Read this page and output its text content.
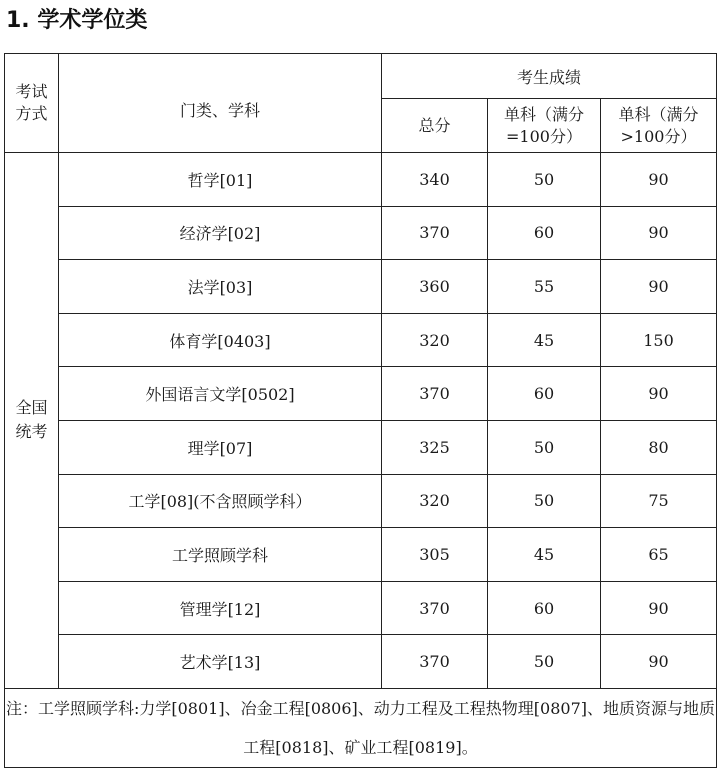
1. 学术学位类
考试方式	门类、学科	考生成绩		
		总分	单科（满分=100分）	单科（满分>100分）
全国统考	哲学[01]	340	50	90
	经济学[02]	370	60	90
	法学[03]	360	55	90
	体育学[0403]	320	45	150
	外国语言文学[0502]	370	60	90
	理学[07]	325	50	80
	工学[08](不含照顾学科）	320	50	75
	工学照顾学科	305	45	65
	管理学[12]	370	60	90
	艺术学[13]	370	50	90
注：工学照顾学科:力学[0801]、冶金工程[0806]、动力工程及工程热物理[0807]、地质资源与地质工程[0818]、矿业工程[0819]。				
